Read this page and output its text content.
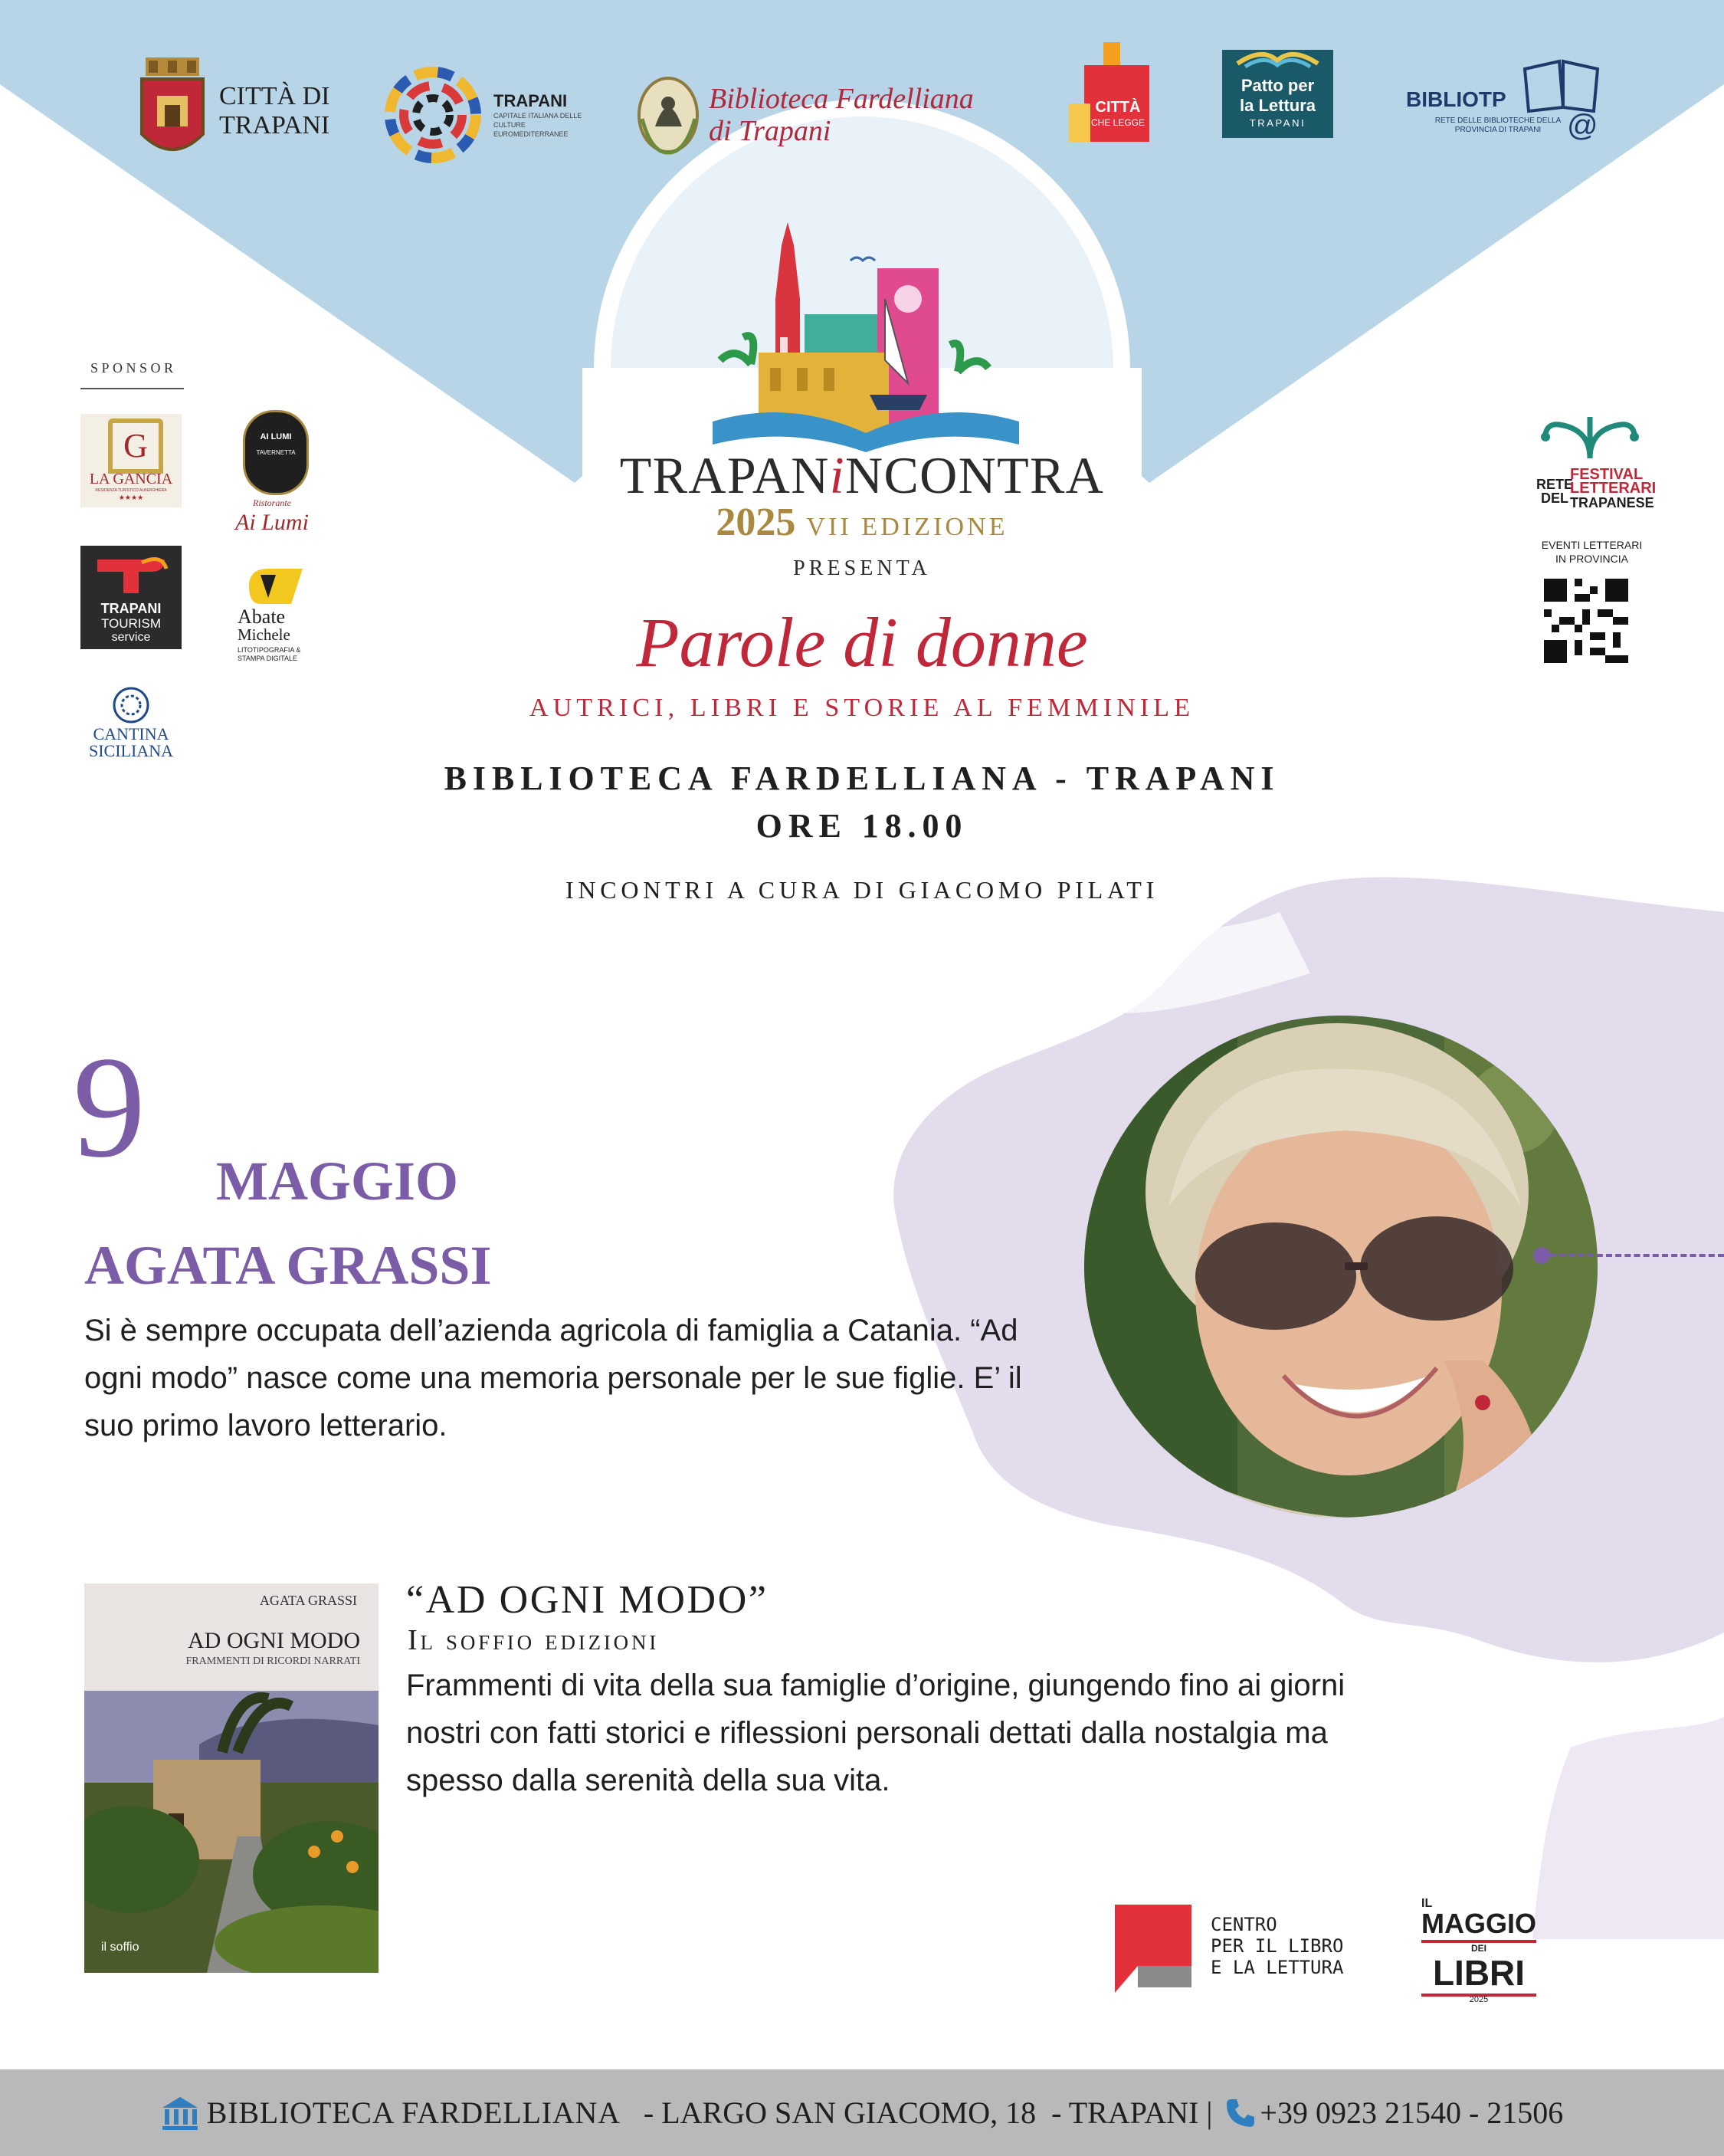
CITTÀ DI
TRAPANI
TRAPANI
CAPITALE ITALIANA DELLE CULTURE EUROMEDITERRANEE
Biblioteca Fardelliana
di Trapani
CITTÀ
CHE LEGGE
Patto per
la Lettura
TRAPANI
BIBLIOTP
RETE DELLE BIBLIOTECHE DELLA PROVINCIA DI TRAPANI @
TRAPANiNCONTRA
2025 VII EDIZIONE
PRESENTA
Parole di donne
AUTRICI, LIBRI E STORIE AL FEMMINILE
BIBLIOTECA FARDELLIANA - TRAPANI
ORE 18.00
INCONTRI A CURA DI GIACOMO PILATI
SPONSOR
G
LA GANCIA
RESIDENZA TURISTICO ALBERGHIERA
★★★★
AI LUMI
TAVERNETTA
Ristorante
Ai Lumi
TRAPANI
TOURISM
service
Abate
Michele
LITOTIPOGRAFIA & STAMPA DIGITALE
CANTINA
SICILIANA
RETE
DEL
FESTIVAL
LETTERARI
TRAPANESE
EVENTI LETTERARI
IN PROVINCIA
9 MAGGIO
AGATA GRASSI
Si è sempre occupata dell’azienda agricola di famiglia a Catania. “Ad ogni modo” nasce come una memoria personale per le sue figlie. E’ il suo primo lavoro letterario.
AGATA GRASSI
AD OGNI MODO
FRAMMENTI DI RICORDI NARRATI
il soffio
“AD OGNI MODO”
Il soffio edizioni
Frammenti di vita della sua famiglie d’origine, giungendo fino ai giorni nostri con fatti storici e riflessioni personali dettati dalla nostalgia ma spesso dalla serenità della sua vita.
CENTRO
PER IL LIBRO
E LA LETTURA
IL
MAGGIO
DEI
LIBRI
2025
BIBLIOTECA FARDELLIANA - LARGO SAN GIACOMO, 18  - TRAPANI | +39 0923 21540 - 21506
